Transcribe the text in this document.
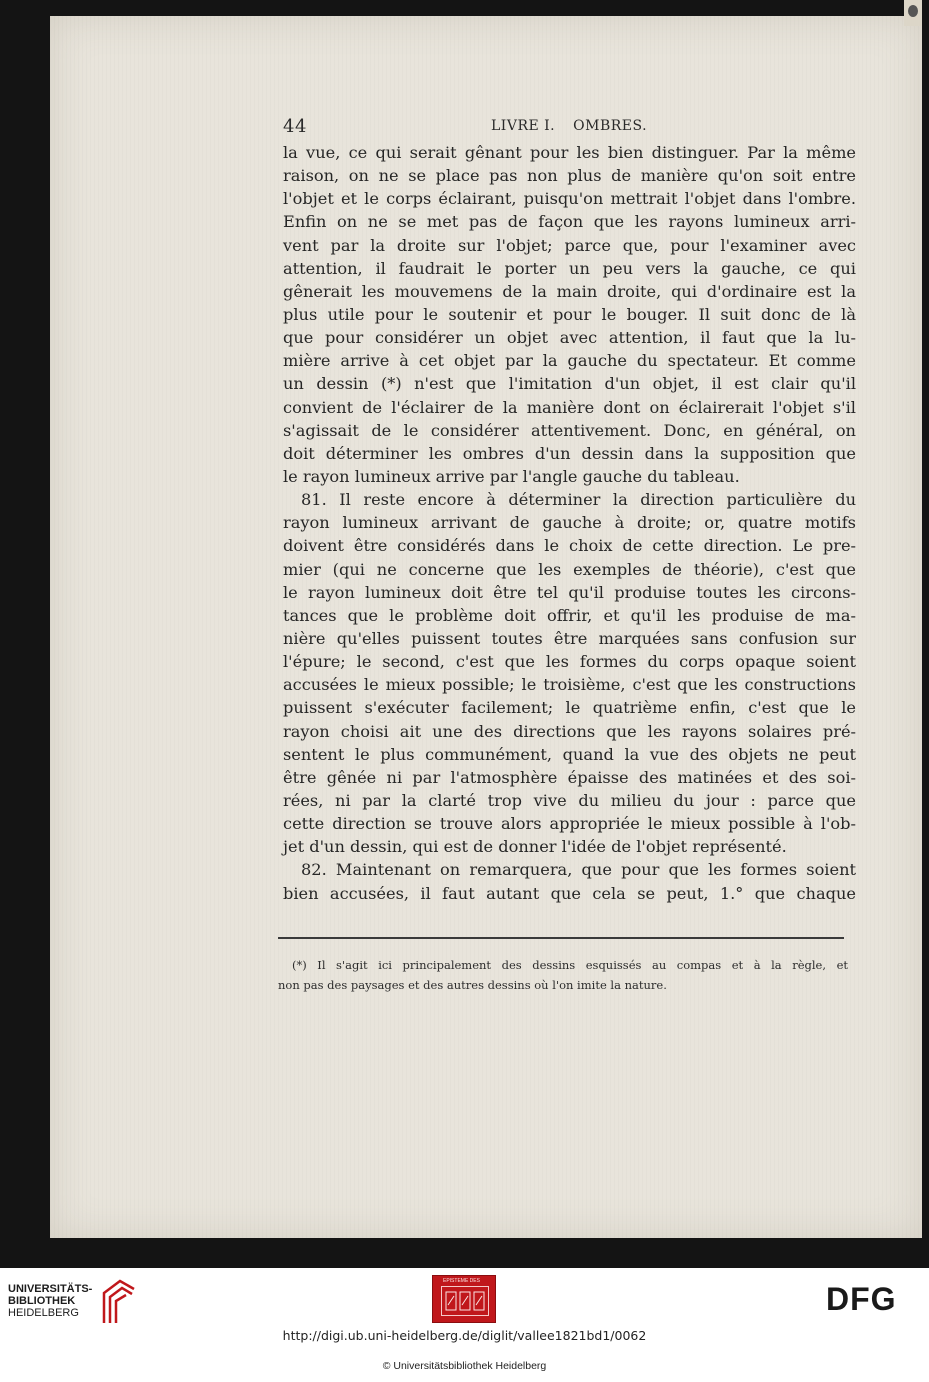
44	LIVRE I. OMBRES.
la vue, ce qui serait gênant pour les bien distinguer. Par la même
raison, on ne se place pas non plus de manière qu'on soit entre
l'objet et le corps éclairant, puisqu'on mettrait l'objet dans l'ombre.
Enfin on ne se met pas de façon que les rayons lumineux arri-
vent par la droite sur l'objet; parce que, pour l'examiner avec
attention, il faudrait le porter un peu vers la gauche, ce qui
gênerait les mouvemens de la main droite, qui d'ordinaire est la
plus utile pour le soutenir et pour le bouger. Il suit donc de là
que pour considérer un objet avec attention, il faut que la lu-
mière arrive à cet objet par la gauche du spectateur. Et comme
un dessin (*) n'est que l'imitation d'un objet, il est clair qu'il
convient de l'éclairer de la manière dont on éclairerait l'objet s'il
s'agissait de le considérer attentivement. Donc, en général, on
doit déterminer les ombres d'un dessin dans la supposition que
le rayon lumineux arrive par l'angle gauche du tableau.
81. Il reste encore à déterminer la direction particulière du
rayon lumineux arrivant de gauche à droite; or, quatre motifs
doivent être considérés dans le choix de cette direction. Le pre-
mier (qui ne concerne que les exemples de théorie), c'est que
le rayon lumineux doit être tel qu'il produise toutes les circons-
tances que le problème doit offrir, et qu'il les produise de ma-
nière qu'elles puissent toutes être marquées sans confusion sur
l'épure; le second, c'est que les formes du corps opaque soient
accusées le mieux possible; le troisième, c'est que les constructions
puissent s'exécuter facilement; le quatrième enfin, c'est que le
rayon choisi ait une des directions que les rayons solaires pré-
sentent le plus communément, quand la vue des objets ne peut
être gênée ni par l'atmosphère épaisse des matinées et des soi-
rées, ni par la clarté trop vive du milieu du jour : parce que
cette direction se trouve alors appropriée le mieux possible à l'ob-
jet d'un dessin, qui est de donner l'idée de l'objet représenté.
82. Maintenant on remarquera, que pour que les formes soient
bien accusées, il faut autant que cela se peut, 1.° que chaque
(*) Il s'agit ici principalement des dessins esquissés au compas et à la règle, et
non pas des paysages et des autres dessins où l'on imite la nature.
UNIVERSITÄTS-
BIBLIOTHEK
HEIDELBERG
EPISTEME DES	DFG
http://digi.ub.uni-heidelberg.de/diglit/vallee1821bd1/0062
© Universitätsbibliothek Heidelberg
